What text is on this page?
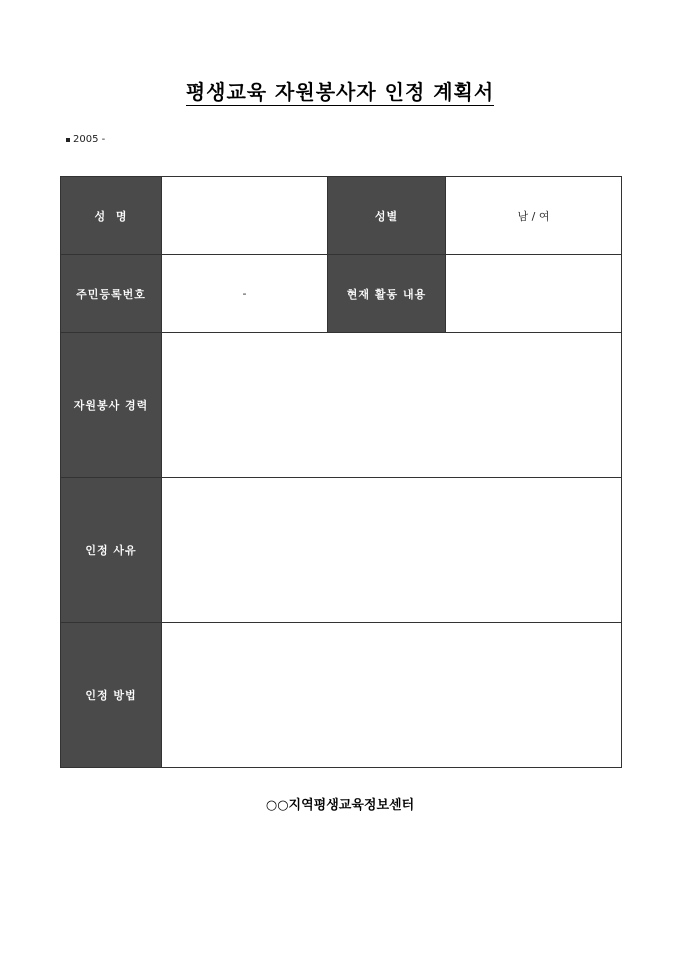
평생교육 자원봉사자 인정 계획서
2005 -
성  명		성별	남 / 여
주민등록번호	-	현재 활동 내용	
자원봉사 경력			
인정 사유			
인정 방법			
○○지역평생교육정보센터
